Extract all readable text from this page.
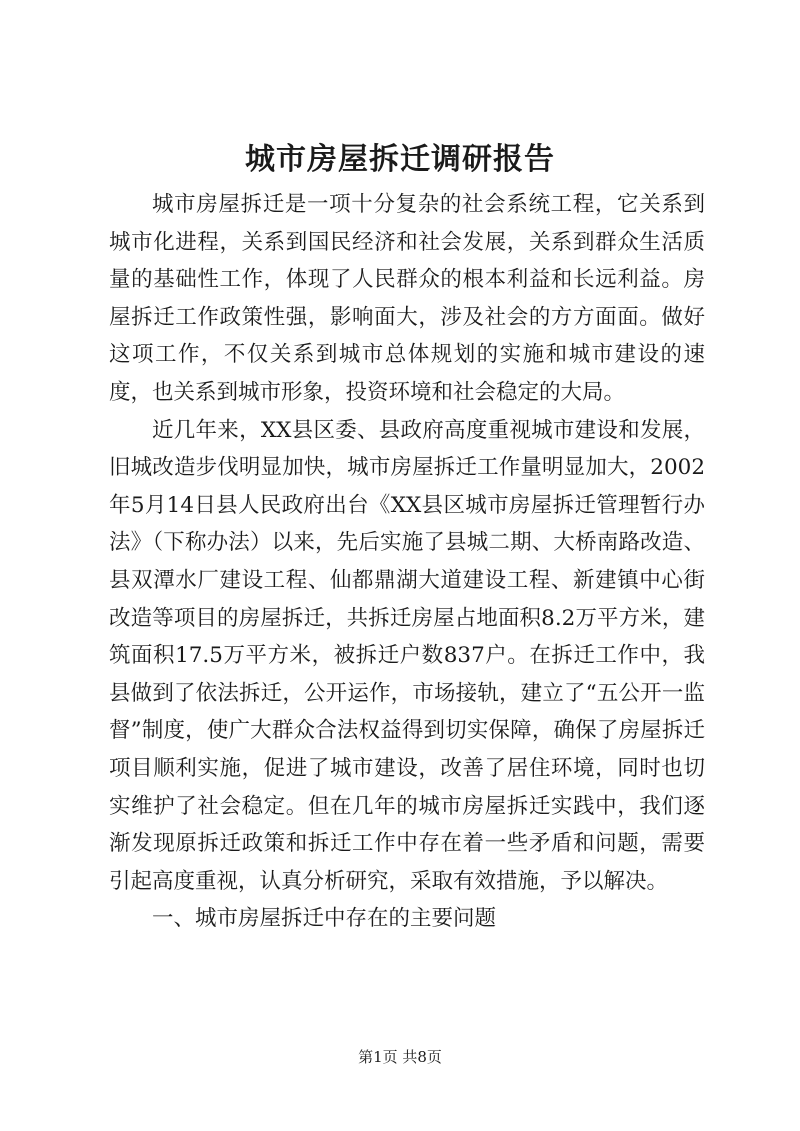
城市房屋拆迁调研报告

城市房屋拆迁是一项十分复杂的社会系统工程，它关系到城市化进程，关系到国民经济和社会发展，关系到群众生活质量的基础性工作，体现了人民群众的根本利益和长远利益。房屋拆迁工作政策性强，影响面大，涉及社会的方方面面。做好这项工作，不仅关系到城市总体规划的实施和城市建设的速度，也关系到城市形象，投资环境和社会稳定的大局。

近几年来，XX县区委、县政府高度重视城市建设和发展，旧城改造步伐明显加快，城市房屋拆迁工作量明显加大，2002年5月14日县人民政府出台《XX县区城市房屋拆迁管理暂行办法》（下称办法）以来，先后实施了县城二期、大桥南路改造、县双潭水厂建设工程、仙都鼎湖大道建设工程、新建镇中心街改造等项目的房屋拆迁，共拆迁房屋占地面积8.2万平方米，建筑面积17.5万平方米，被拆迁户数837户。在拆迁工作中，我县做到了依法拆迁，公开运作，市场接轨，建立了“五公开一监督”制度，使广大群众合法权益得到切实保障，确保了房屋拆迁项目顺利实施，促进了城市建设，改善了居住环境，同时也切实维护了社会稳定。但在几年的城市房屋拆迁实践中，我们逐渐发现原拆迁政策和拆迁工作中存在着一些矛盾和问题，需要引起高度重视，认真分析研究，采取有效措施，予以解决。

一、城市房屋拆迁中存在的主要问题

第1页 共8页
